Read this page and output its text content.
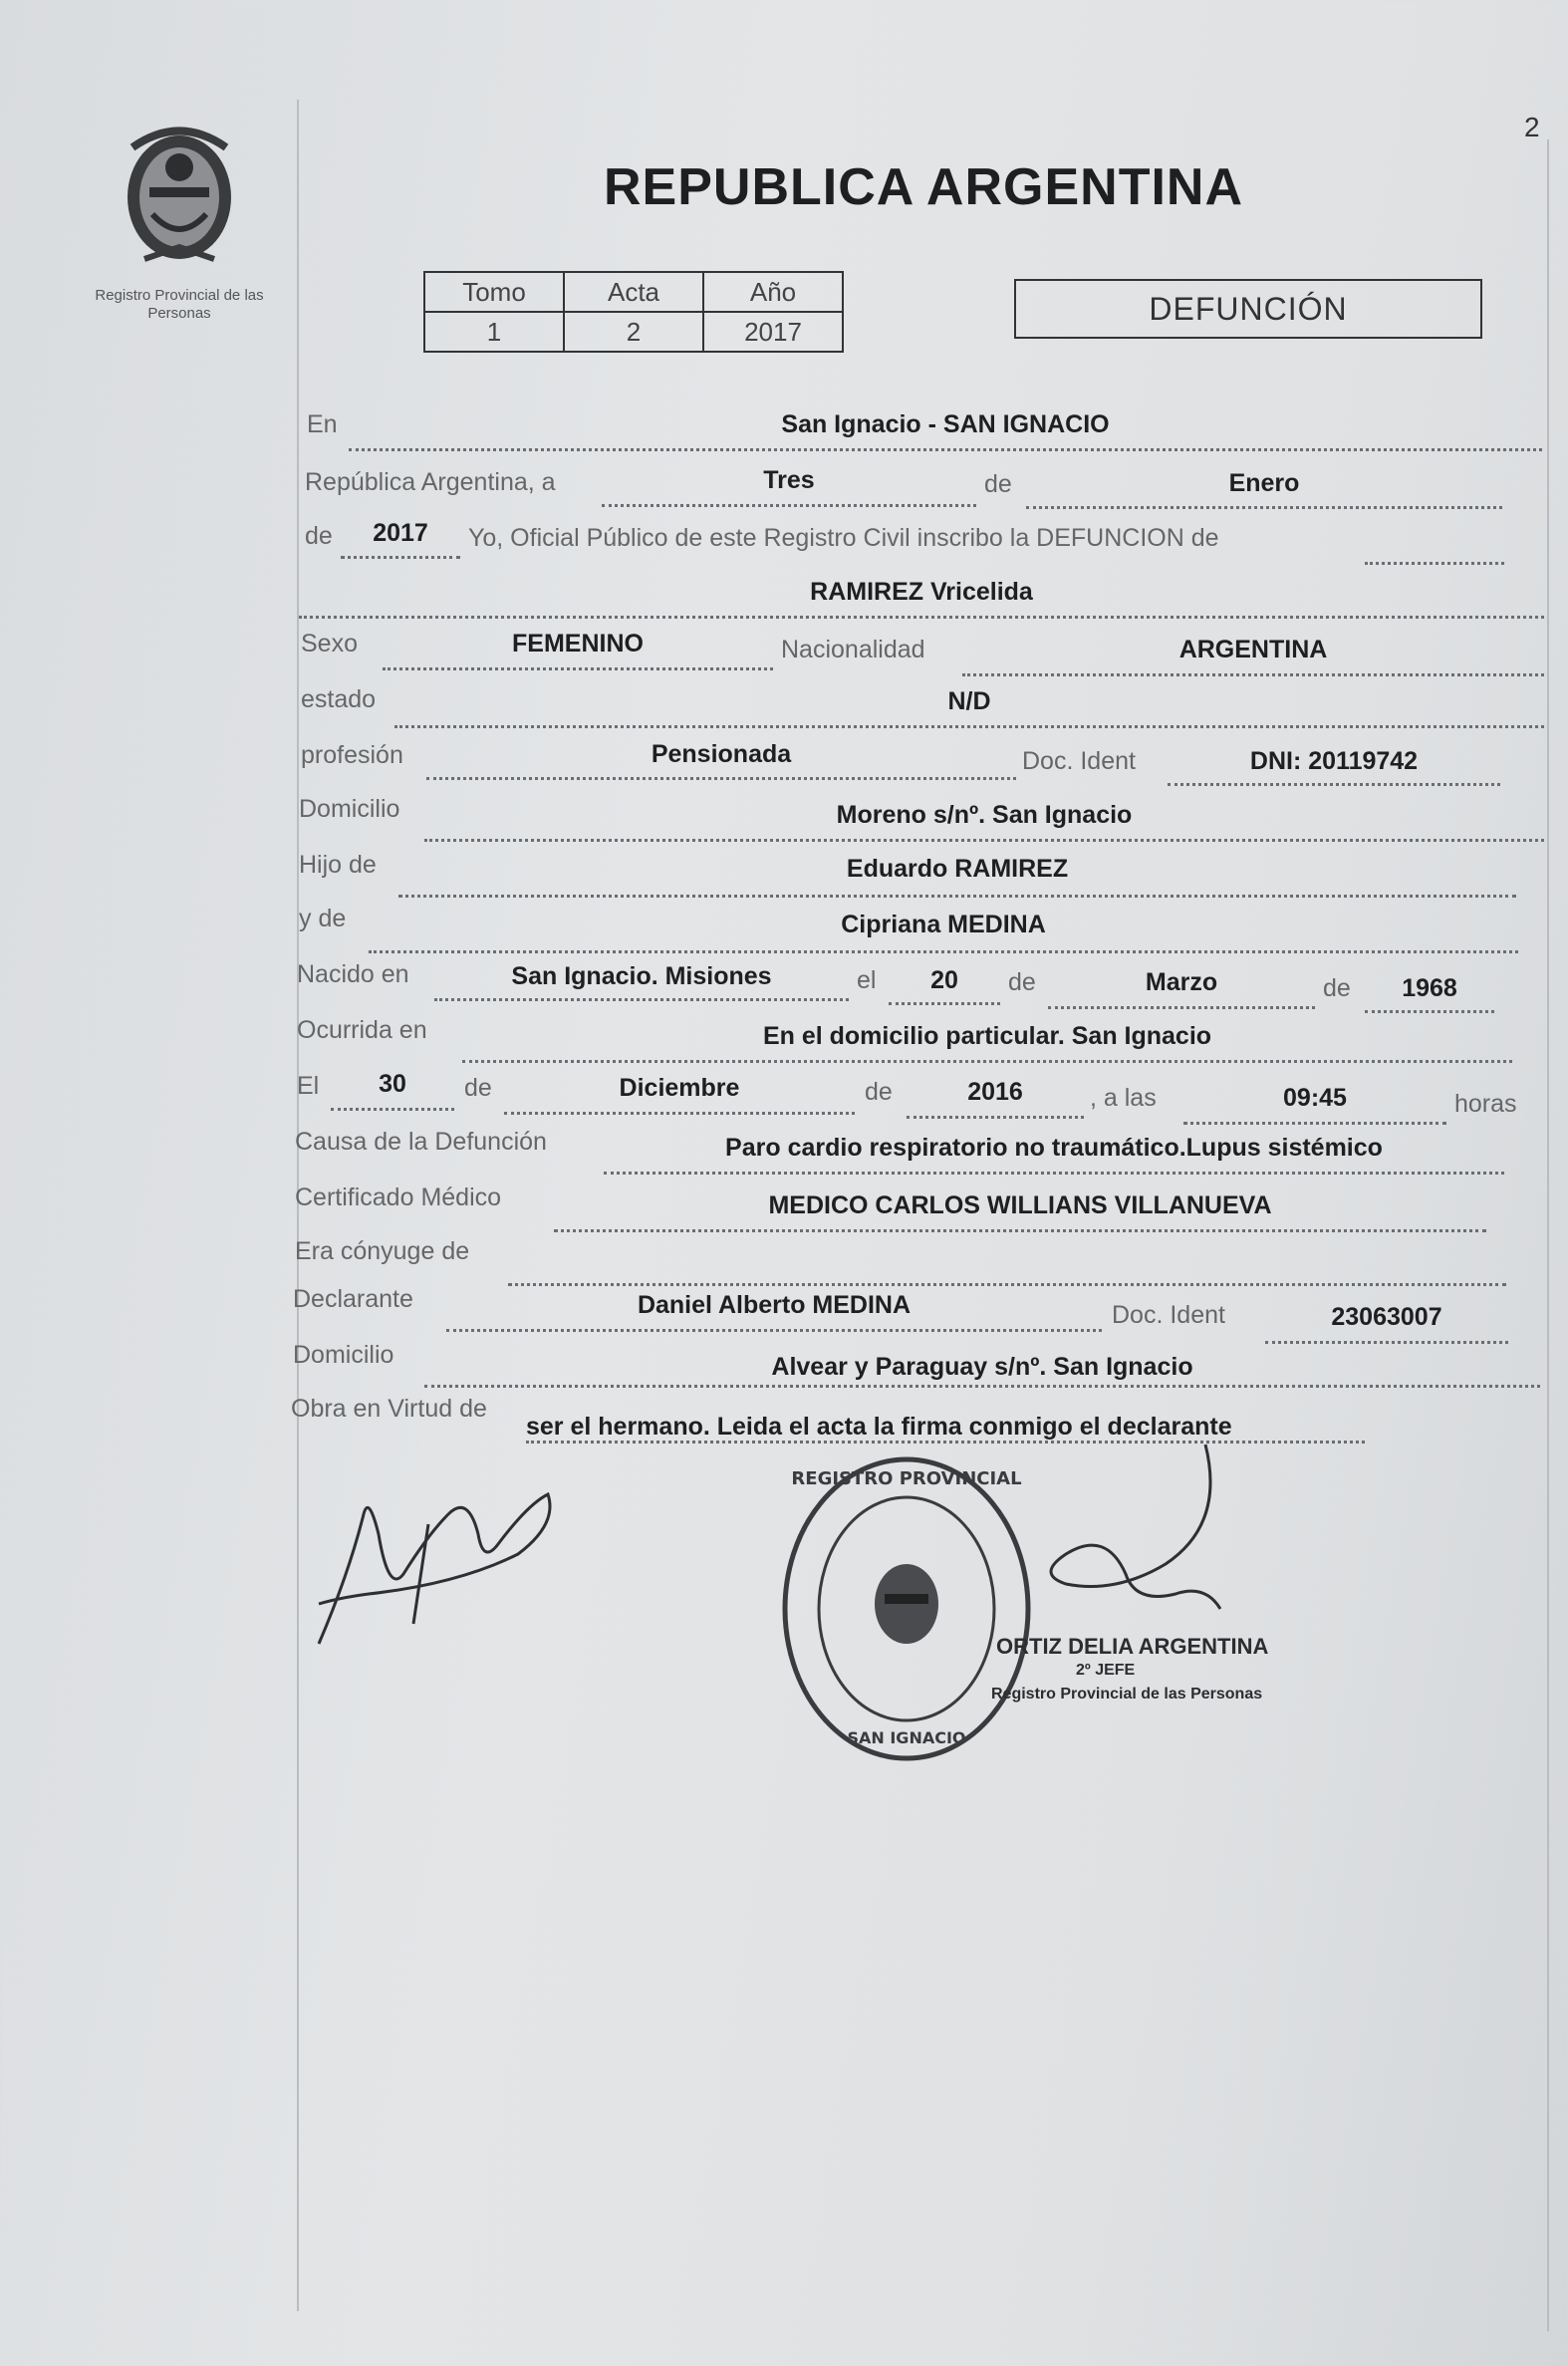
2
Registro Provincial de las Personas
REPUBLICA ARGENTINA
Tomo	Acta	Año
1	2	2017
DEFUNCIÓN
En	San Ignacio - SAN IGNACIO
República Argentina, a	Tres	de	Enero
de	2017	Yo, Oficial Público de este Registro Civil inscribo la DEFUNCION de
RAMIREZ Vricelida
Sexo	FEMENINO	Nacionalidad	ARGENTINA
estado	N/D
profesión	Pensionada	Doc. Ident	DNI: 20119742
Domicilio	Moreno s/nº. San Ignacio
Hijo de	Eduardo RAMIREZ
y de	Cipriana MEDINA
Nacido en	San Ignacio. Misiones	el	20	de	Marzo	de	1968
Ocurrida en	En el domicilio particular. San Ignacio
El	30	de	Diciembre	de	2016	, a las	09:45	horas
Causa de la Defunción	Paro cardio respiratorio no traumático.Lupus sistémico
Certificado Médico	MEDICO CARLOS WILLIANS VILLANUEVA
Era cónyuge de
Declarante	Daniel Alberto MEDINA	Doc. Ident	23063007
Domicilio	Alvear y Paraguay s/nº. San Ignacio
Obra en Virtud de
ser el hermano. Leida el acta la firma conmigo el declarante
REGISTRO PROVINCIAL
SAN IGNACIO
ORTIZ DELIA ARGENTINA
2º JEFE
Registro Provincial de las Personas
